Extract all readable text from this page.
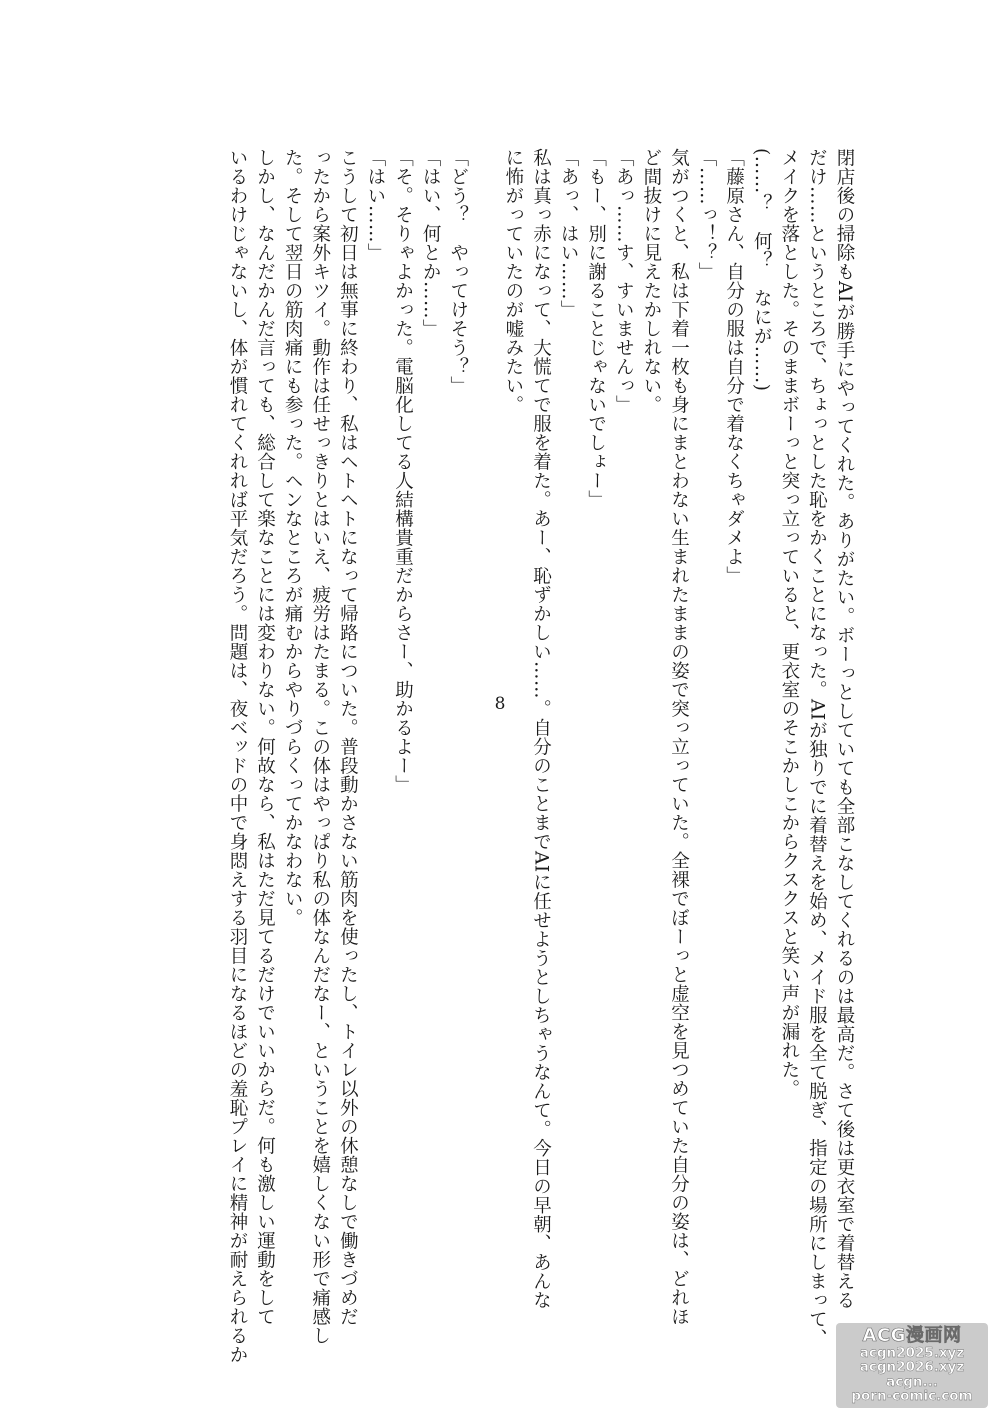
閉店後の掃除もAIが勝手にやってくれた。ありがたい。ボーっとしていても全部こなしてくれるのは最高だ。さて後は更衣室で着替える
だけ……というところで、ちょっとした恥をかくことになった。AIが独りでに着替えを始め、メイド服を全て脱ぎ、指定の場所にしまって、
メイクを落とした。そのままボーっと突っ立っていると、更衣室のそこかしこからクスクスと笑い声が漏れた。
(……？　何？　なにが……)
「藤原さん、自分の服は自分で着なくちゃダメよ」
「……っ！？」
気がつくと、私は下着一枚も身にまとわない生まれたままの姿で突っ立っていた。全裸でぼーっと虚空を見つめていた自分の姿は、どれほ
ど間抜けに見えたかしれない。
「あっ……す、すいませんっ」
「もー、別に謝ることじゃないでしょー」
「あっ、はい……」
私は真っ赤になって、大慌てで服を着た。あー、恥ずかしい……。自分のことまでAIに任せようとしちゃうなんて。今日の早朝、あんな
に怖がっていたのが嘘みたい。
「どう？　やってけそう？」
「はい、何とか……」
「そ。そりゃよかった。電脳化してる人結構貴重だからさー、助かるよー」
「はい……」
こうして初日は無事に終わり、私はヘトヘトになって帰路についた。普段動かさない筋肉を使ったし、トイレ以外の休憩なしで働きづめだ
ったから案外キツイ。動作は任せっきりとはいえ、疲労はたまる。この体はやっぱり私の体なんだなー、ということを嬉しくない形で痛感し
た。そして翌日の筋肉痛にも参った。ヘンなところが痛むからやりづらくってかなわない。
しかし、なんだかんだ言っても、総合して楽なことには変わりない。何故なら、私はただ見てるだけでいいからだ。何も激しい運動をして
いるわけじゃないし、体が慣れてくれれば平気だろう。問題は、夜ベッドの中で身悶えする羽目になるほどの羞恥プレイに精神が耐えられるか	8
ACG漫画网
acgn2025.xyz
acgn2026.xyz
acgn...
porn-comic.com
